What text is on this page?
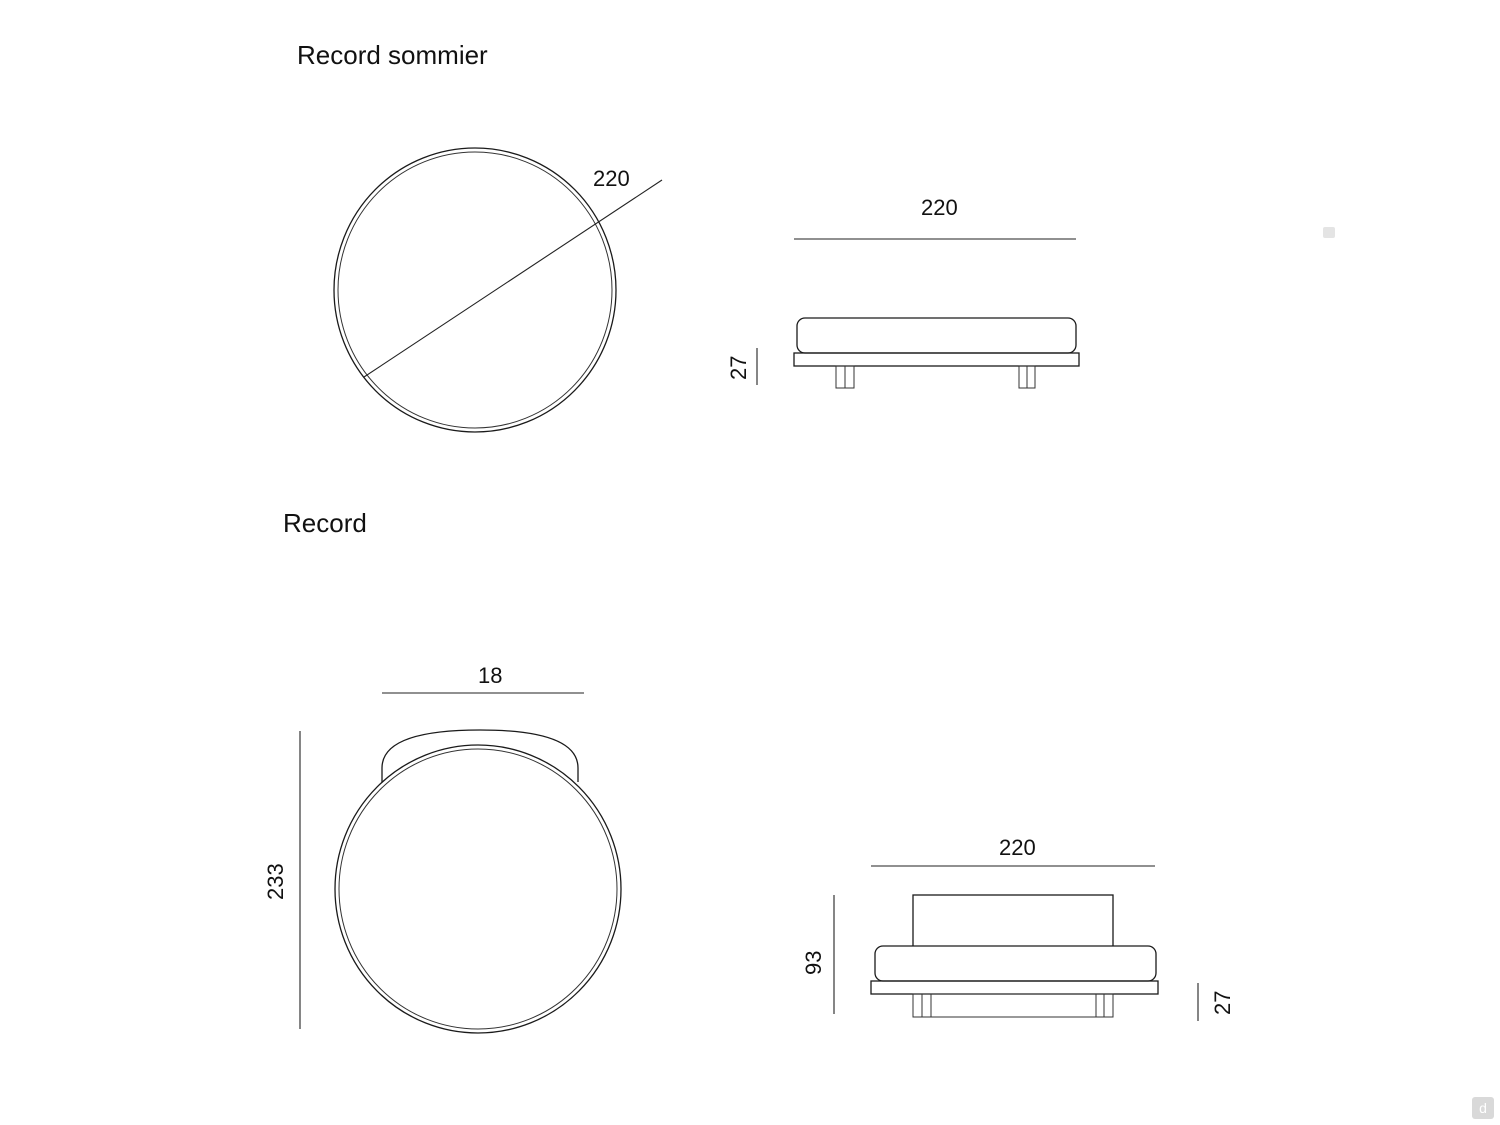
Record sommier
220
220
27
Record
18
233
220
93
27
d
